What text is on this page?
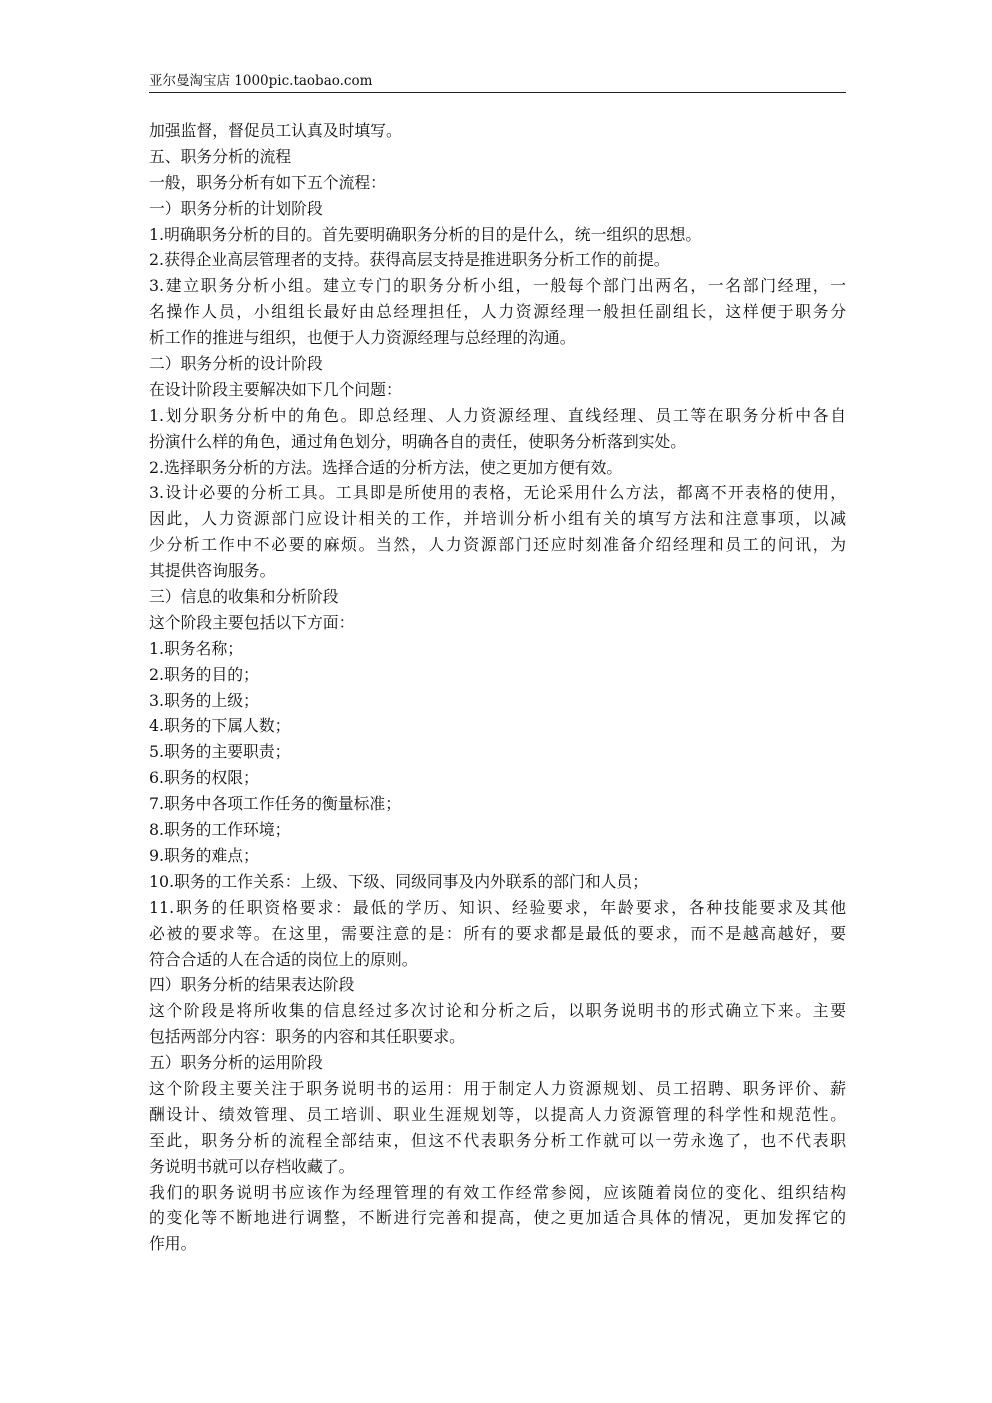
亚尔曼淘宝店 1000pic.taobao.com
加强监督，督促员工认真及时填写。
五、职务分析的流程
一般，职务分析有如下五个流程：
一）职务分析的计划阶段
1.明确职务分析的目的。首先要明确职务分析的目的是什么，统一组织的思想。
2.获得企业高层管理者的支持。获得高层支持是推进职务分析工作的前提。
3.建立职务分析小组。建立专门的职务分析小组，一般每个部门出两名，一名部门经理，一
名操作人员，小组组长最好由总经理担任，人力资源经理一般担任副组长，这样便于职务分
析工作的推进与组织，也便于人力资源经理与总经理的沟通。
二）职务分析的设计阶段
在设计阶段主要解决如下几个问题：
1.划分职务分析中的角色。即总经理、人力资源经理、直线经理、员工等在职务分析中各自
扮演什么样的角色，通过角色划分，明确各自的责任，使职务分析落到实处。
2.选择职务分析的方法。选择合适的分析方法，使之更加方便有效。
3.设计必要的分析工具。工具即是所使用的表格，无论采用什么方法，都离不开表格的使用，
因此，人力资源部门应设计相关的工作，并培训分析小组有关的填写方法和注意事项，以减
少分析工作中不必要的麻烦。当然，人力资源部门还应时刻准备介绍经理和员工的问讯，为
其提供咨询服务。
三）信息的收集和分析阶段
这个阶段主要包括以下方面：
1.职务名称；
2.职务的目的；
3.职务的上级；
4.职务的下属人数；
5.职务的主要职责；
6.职务的权限；
7.职务中各项工作任务的衡量标准；
8.职务的工作环境；
9.职务的难点；
10.职务的工作关系：上级、下级、同级同事及内外联系的部门和人员；
11.职务的任职资格要求：最低的学历、知识、经验要求，年龄要求，各种技能要求及其他
必被的要求等。在这里，需要注意的是：所有的要求都是最低的要求，而不是越高越好，要
符合合适的人在合适的岗位上的原则。
四）职务分析的结果表达阶段
这个阶段是将所收集的信息经过多次讨论和分析之后，以职务说明书的形式确立下来。主要
包括两部分内容：职务的内容和其任职要求。
五）职务分析的运用阶段
这个阶段主要关注于职务说明书的运用：用于制定人力资源规划、员工招聘、职务评价、薪
酬设计、绩效管理、员工培训、职业生涯规划等，以提高人力资源管理的科学性和规范性。
至此，职务分析的流程全部结束，但这不代表职务分析工作就可以一劳永逸了，也不代表职
务说明书就可以存档收藏了。
我们的职务说明书应该作为经理管理的有效工作经常参阅，应该随着岗位的变化、组织结构
的变化等不断地进行调整，不断进行完善和提高，使之更加适合具体的情况，更加发挥它的
作用。
